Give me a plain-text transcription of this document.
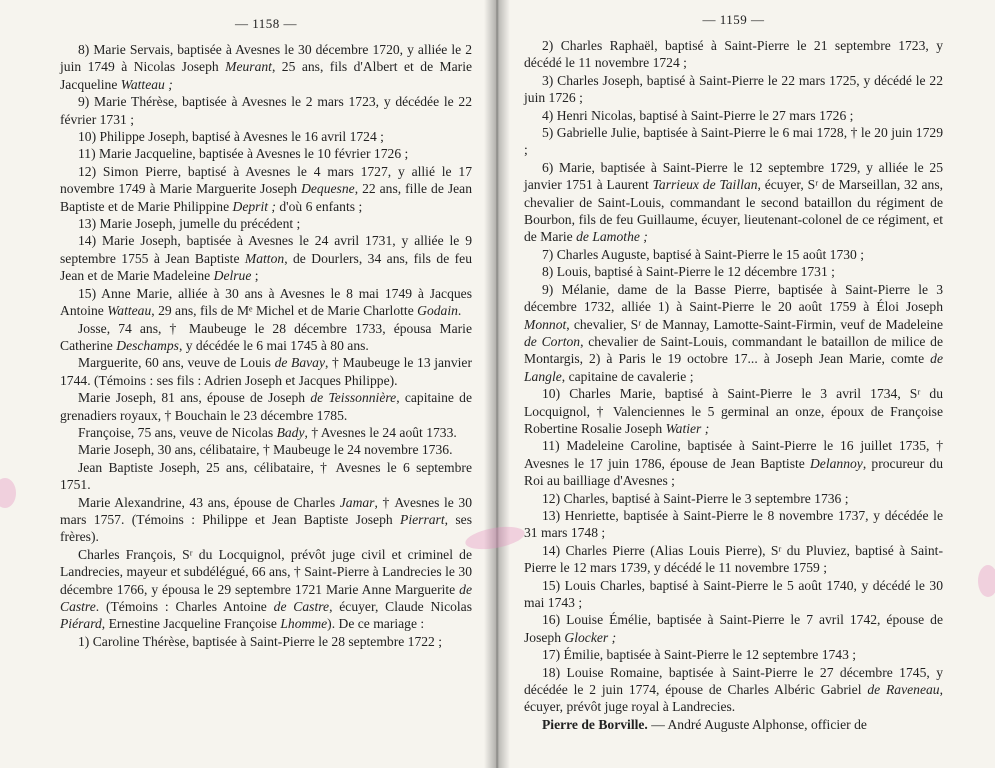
— 1158 —

8) Marie Servais, baptisée à Avesnes le 30 décembre 1720, y alliée le 2 juin 1749 à Nicolas Joseph Meurant, 25 ans, fils d'Albert et de Marie Jacqueline Watteau ;

9) Marie Thérèse, baptisée à Avesnes le 2 mars 1723, y décédée le 22 février 1731 ;

10) Philippe Joseph, baptisé à Avesnes le 16 avril 1724 ;

11) Marie Jacqueline, baptisée à Avesnes le 10 février 1726 ;

12) Simon Pierre, baptisé à Avesnes le 4 mars 1727, y allié le 17 novembre 1749 à Marie Marguerite Joseph Dequesne, 22 ans, fille de Jean Baptiste et de Marie Philippine Deprit ; d'où 6 enfants ;

13) Marie Joseph, jumelle du précédent ;

14) Marie Joseph, baptisée à Avesnes le 24 avril 1731, y alliée le 9 septembre 1755 à Jean Baptiste Matton, de Dourlers, 34 ans, fils de feu Jean et de Marie Madeleine Delrue ;

15) Anne Marie, alliée à 30 ans à Avesnes le 8 mai 1749 à Jacques Antoine Watteau, 29 ans, fils de Mᵉ Michel et de Marie Charlotte Godain.

Josse, 74 ans, † Maubeuge le 28 décembre 1733, épousa Marie Catherine Deschamps, y décédée le 6 mai 1745 à 80 ans.

Marguerite, 60 ans, veuve de Louis de Bavay, † Maubeuge le 13 janvier 1744. (Témoins : ses fils : Adrien Joseph et Jacques Philippe).

Marie Joseph, 81 ans, épouse de Joseph de Teissonnière, capitaine de grenadiers royaux, † Bouchain le 23 décembre 1785.

Françoise, 75 ans, veuve de Nicolas Bady, † Avesnes le 24 août 1733.

Marie Joseph, 30 ans, célibataire, † Maubeuge le 24 novembre 1736.

Jean Baptiste Joseph, 25 ans, célibataire, † Avesnes le 6 septembre 1751.

Marie Alexandrine, 43 ans, épouse de Charles Jamar, † Avesnes le 30 mars 1757. (Témoins : Philippe et Jean Baptiste Joseph Pierrart, ses frères).

Charles François, Sʳ du Locquignol, prévôt juge civil et criminel de Landrecies, mayeur et subdélégué, 66 ans, † Saint-Pierre à Landrecies le 30 décembre 1766, y épousa le 29 septembre 1721 Marie Anne Marguerite de Castre. (Témoins : Charles Antoine de Castre, écuyer, Claude Nicolas Piérard, Ernestine Jacqueline Françoise Lhomme). De ce mariage :

1) Caroline Thérèse, baptisée à Saint-Pierre le 28 septembre 1722 ;

— 1159 —

2) Charles Raphaël, baptisé à Saint-Pierre le 21 septembre 1723, y décédé le 11 novembre 1724 ;

3) Charles Joseph, baptisé à Saint-Pierre le 22 mars 1725, y décédé le 22 juin 1726 ;

4) Henri Nicolas, baptisé à Saint-Pierre le 27 mars 1726 ;

5) Gabrielle Julie, baptisée à Saint-Pierre le 6 mai 1728, † le 20 juin 1729 ;

6) Marie, baptisée à Saint-Pierre le 12 septembre 1729, y alliée le 25 janvier 1751 à Laurent Tarrieux de Taillan, écuyer, Sʳ de Marseillan, 32 ans, chevalier de Saint-Louis, commandant le second bataillon du régiment de Bourbon, fils de feu Guillaume, écuyer, lieutenant-colonel de ce régiment, et de Marie de Lamothe ;

7) Charles Auguste, baptisé à Saint-Pierre le 15 août 1730 ;

8) Louis, baptisé à Saint-Pierre le 12 décembre 1731 ;

9) Mélanie, dame de la Basse Pierre, baptisée à Saint-Pierre le 3 décembre 1732, alliée 1) à Saint-Pierre le 20 août 1759 à Éloi Joseph Monnot, chevalier, Sʳ de Mannay, Lamotte-Saint-Firmin, veuf de Madeleine de Corton, chevalier de Saint-Louis, commandant le bataillon de milice de Montargis, 2) à Paris le 19 octobre 17... à Joseph Jean Marie, comte de Langle, capitaine de cavalerie ;

10) Charles Marie, baptisé à Saint-Pierre le 3 avril 1734, Sʳ du Locquignol, † Valenciennes le 5 germinal an onze, époux de Françoise Robertine Rosalie Joseph Watier ;

11) Madeleine Caroline, baptisée à Saint-Pierre le 16 juillet 1735, † Avesnes le 17 juin 1786, épouse de Jean Baptiste Delannoy, procureur du Roi au bailliage d'Avesnes ;

12) Charles, baptisé à Saint-Pierre le 3 septembre 1736 ;

13) Henriette, baptisée à Saint-Pierre le 8 novembre 1737, y décédée le 31 mars 1748 ;

14) Charles Pierre (Alias Louis Pierre), Sʳ du Pluviez, baptisé à Saint-Pierre le 12 mars 1739, y décédé le 11 novembre 1759 ;

15) Louis Charles, baptisé à Saint-Pierre le 5 août 1740, y décédé le 30 mai 1743 ;

16) Louise Émélie, baptisée à Saint-Pierre le 7 avril 1742, épouse de Joseph Glocker ;

17) Émilie, baptisée à Saint-Pierre le 12 septembre 1743 ;

18) Louise Romaine, baptisée à Saint-Pierre le 27 décembre 1745, y décédée le 2 juin 1774, épouse de Charles Albéric Gabriel de Raveneau, écuyer, prévôt juge royal à Landrecies.

Pierre de Borville. — André Auguste Alphonse, officier de
